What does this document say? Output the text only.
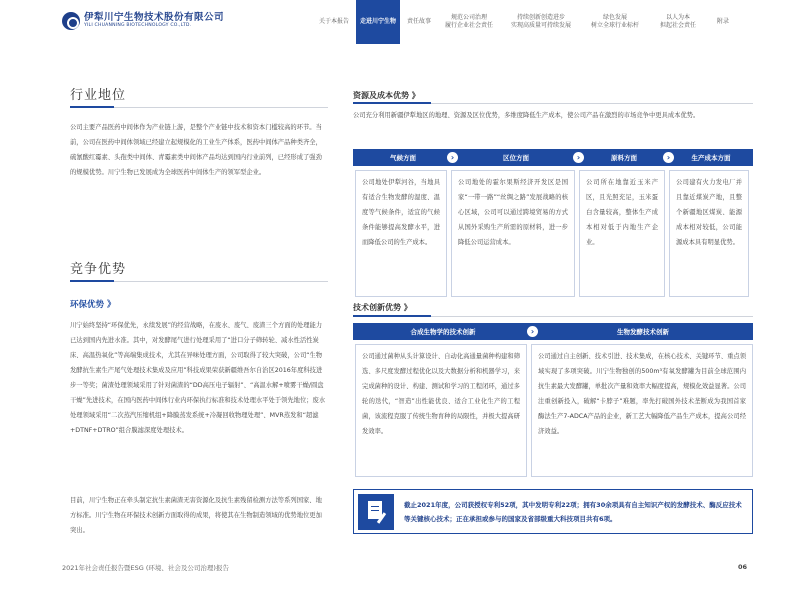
伊犁川宁生物技术股份有限公司
YILI CHUANNING BIOTECHNOLOGY CO.,LTD.
关于本报告 走进川宁生物 责任故事
规范公司治理
履行企业社会责任
持续创新创造进步
实现高质量可持续发展
绿色发展
树立全球行业标杆
以人为本
担起社会责任
附录
行业地位
公司主要产品医药中间体作为产业链上游，是整个产业链中技术和资本门槛较高的环节。当前，公司在医药中间体领域已经建立起规模化的工业生产体系，医药中间体产品种类齐全，硫氰酸红霉素、头孢类中间体、青霉素类中间体产品均达到国内行业前列，已经形成了强劲的规模优势。川宁生物已发展成为全球医药中间体生产的领军型企业。
竞争优势
环保优势 》
川宁始终坚持“环保优先，永续发展”的经营战略，在废水、废气、废渣三个方面的处理能力已达到国内先进水准。其中，对发酵尾气进行处理采用了“进口分子筛转轮、减水性活性炭床、高温热氧化”等高端集成技术，尤其在异味处理方面，公司取得了较大突破，公司“生物发酵抗生素生产尾气处理技术集成及应用”科技成果荣获新疆维吾尔自治区2016年度科技进步一等奖；菌渣处理领域采用了针对菌渣的“DD高压电子辐射”、“高温水解+喷雾干燥/圆盘干燥”先进技术，在国内医药中间体行业内环保执行标准和技术处理水平处于领先地位；废水处理领域采用“二次蒸汽压缩机组+降膜蒸发系统+冷凝回收物理处理”、MVR蒸发和“超滤+DTNF+DTRO”组合膜滤深度处理技术。
目前，川宁生物正在牵头制定抗生素菌渣无害资源化及抗生素残留检测方法等系列国家、地方标准。川宁生物在环保技术创新方面取得的成果，将使其在生物制造领域的优势地位更加突出。
资源及成本优势 》
公司充分利用新疆伊犁地区的地理、资源及区位优势，多维度降低生产成本，使公司产品在激烈的市场竞争中更具成本优势。
气候方面	›	区位方面	›	原料方面	›	生产成本方面
公司地处伊犁河谷，当地具有适合生物发酵的湿度、温度等气候条件，适宜的气候条件能够提高发酵水平，进而降低公司的生产成本。
公司地处的霍尔果斯经济开发区是国家“一带一路”“丝绸之路”发展战略的核心区域，公司可以通过跨境贸易的方式从国外采购生产所需的原材料，进一步降低公司运营成本。
公司所在地靠近玉米产区，且光照充足，玉米蛋白含量较高，整体生产成本相对低于内地生产企业。
公司建有火力发电厂并且靠近煤炭产地，且整个新疆地区煤炭、能源成本相对较低，公司能源成本具有明显优势。
技术创新优势 》
合成生物学的技术创新	›	生物发酵技术创新
公司通过菌种从头计算设计、自动化高通量菌种构建和筛选、多尺度发酵过程优化以及大数据分析和机器学习，来完成菌种的设计、构建、测试和学习的工程闭环，通过多轮的迭代，“智造”出性能优良、适合工业化生产的工程菌，该流程克服了传统生物育种的局限性，并极大提高研发效率。
公司通过自主创新、技术引进、技术集成，在核心技术、关键环节、重点领域实现了多项突破。川宁生物独创的500m³有氧发酵罐为目前全球范围内抗生素最大发酵罐，单批次产量和效率大幅度提高，规模化效益显著。公司注重创新投入，破解“卡脖子”难题，率先打破国外技术垄断成为我国首家酶法生产7-ADCA产品的企业，新工艺大幅降低产品生产成本，提高公司经济效益。
截止2021年度，公司获授权专利52项，其中发明专利22项；拥有30余项具有自主知识产权的发酵技术、酶反应技术等关键核心技术；正在承担或参与的国家及省部级重大科技项目共有6项。
2021年社会责任报告暨ESG (环境、社会及公司治理)报告	06
